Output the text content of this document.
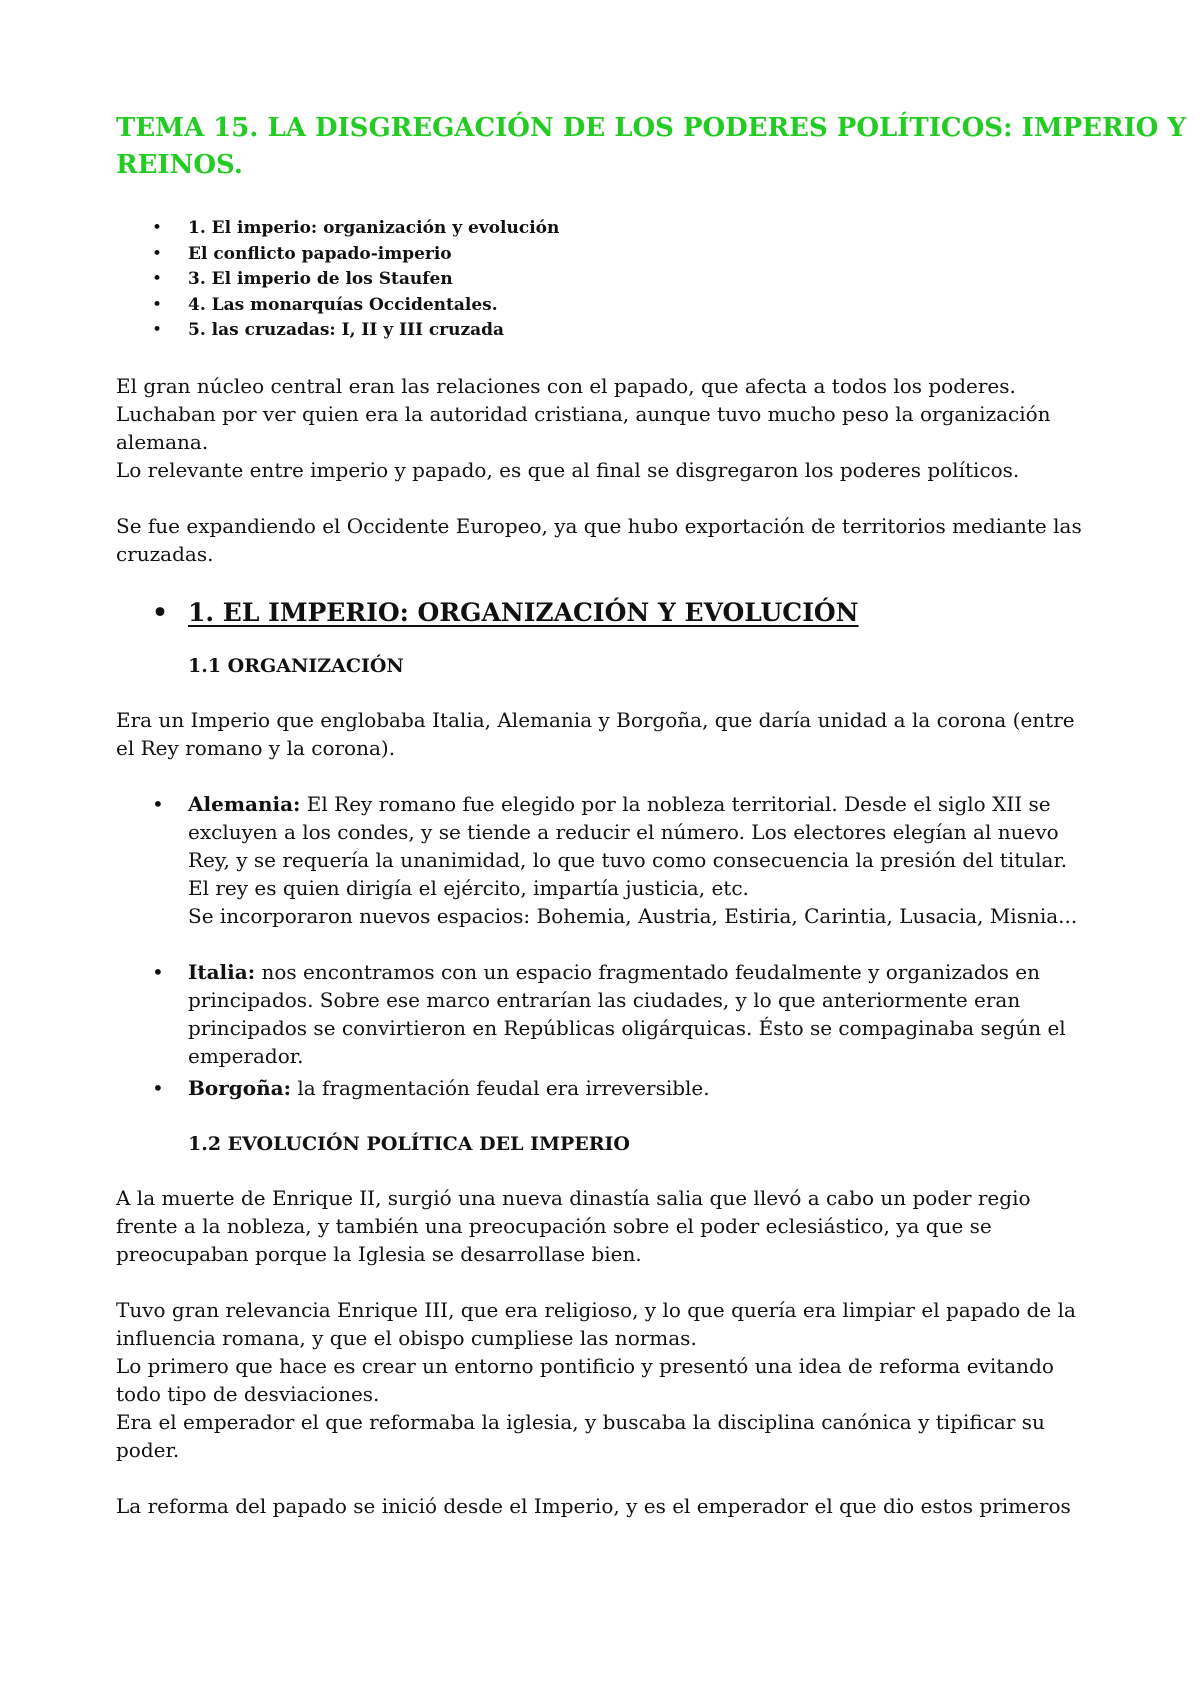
TEMA 15. LA DISGREGACIÓN DE LOS PODERES POLÍTICOS: IMPERIO Y
REINOS.
• 1. El imperio: organización y evolución
• El conflicto papado-imperio
• 3. El imperio de los Staufen
• 4. Las monarquías Occidentales.
• 5. las cruzadas: I, II y III cruzada

El gran núcleo central eran las relaciones con el papado, que afecta a todos los poderes.
Luchaban por ver quien era la autoridad cristiana, aunque tuvo mucho peso la organización
alemana.
Lo relevante entre imperio y papado, es que al final se disgregaron los poderes políticos.

Se fue expandiendo el Occidente Europeo, ya que hubo exportación de territorios mediante las
cruzadas.

• 1. EL IMPERIO: ORGANIZACIÓN Y EVOLUCIÓN
1.1 ORGANIZACIÓN

Era un Imperio que englobaba Italia, Alemania y Borgoña, que daría unidad a la corona (entre
el Rey romano y la corona).

• Alemania: El Rey romano fue elegido por la nobleza territorial. Desde el siglo XII se
excluyen a los condes, y se tiende a reducir el número. Los electores elegían al nuevo
Rey, y se requería la unanimidad, lo que tuvo como consecuencia la presión del titular.
El rey es quien dirigía el ejército, impartía justicia, etc.
Se incorporaron nuevos espacios: Bohemia, Austria, Estiria, Carintia, Lusacia, Misnia...
• Italia: nos encontramos con un espacio fragmentado feudalmente y organizados en
principados. Sobre ese marco entrarían las ciudades, y lo que anteriormente eran
principados se convirtieron en Repúblicas oligárquicas. Ésto se compaginaba según el
emperador.
• Borgoña: la fragmentación feudal era irreversible.
1.2 EVOLUCIÓN POLÍTICA DEL IMPERIO

A la muerte de Enrique II, surgió una nueva dinastía salia que llevó a cabo un poder regio
frente a la nobleza, y también una preocupación sobre el poder eclesiástico, ya que se
preocupaban porque la Iglesia se desarrollase bien.

Tuvo gran relevancia Enrique III, que era religioso, y lo que quería era limpiar el papado de la
influencia romana, y que el obispo cumpliese las normas.
Lo primero que hace es crear un entorno pontificio y presentó una idea de reforma evitando
todo tipo de desviaciones.
Era el emperador el que reformaba la iglesia, y buscaba la disciplina canónica y tipificar su
poder.

La reforma del papado se inició desde el Imperio, y es el emperador el que dio estos primeros
